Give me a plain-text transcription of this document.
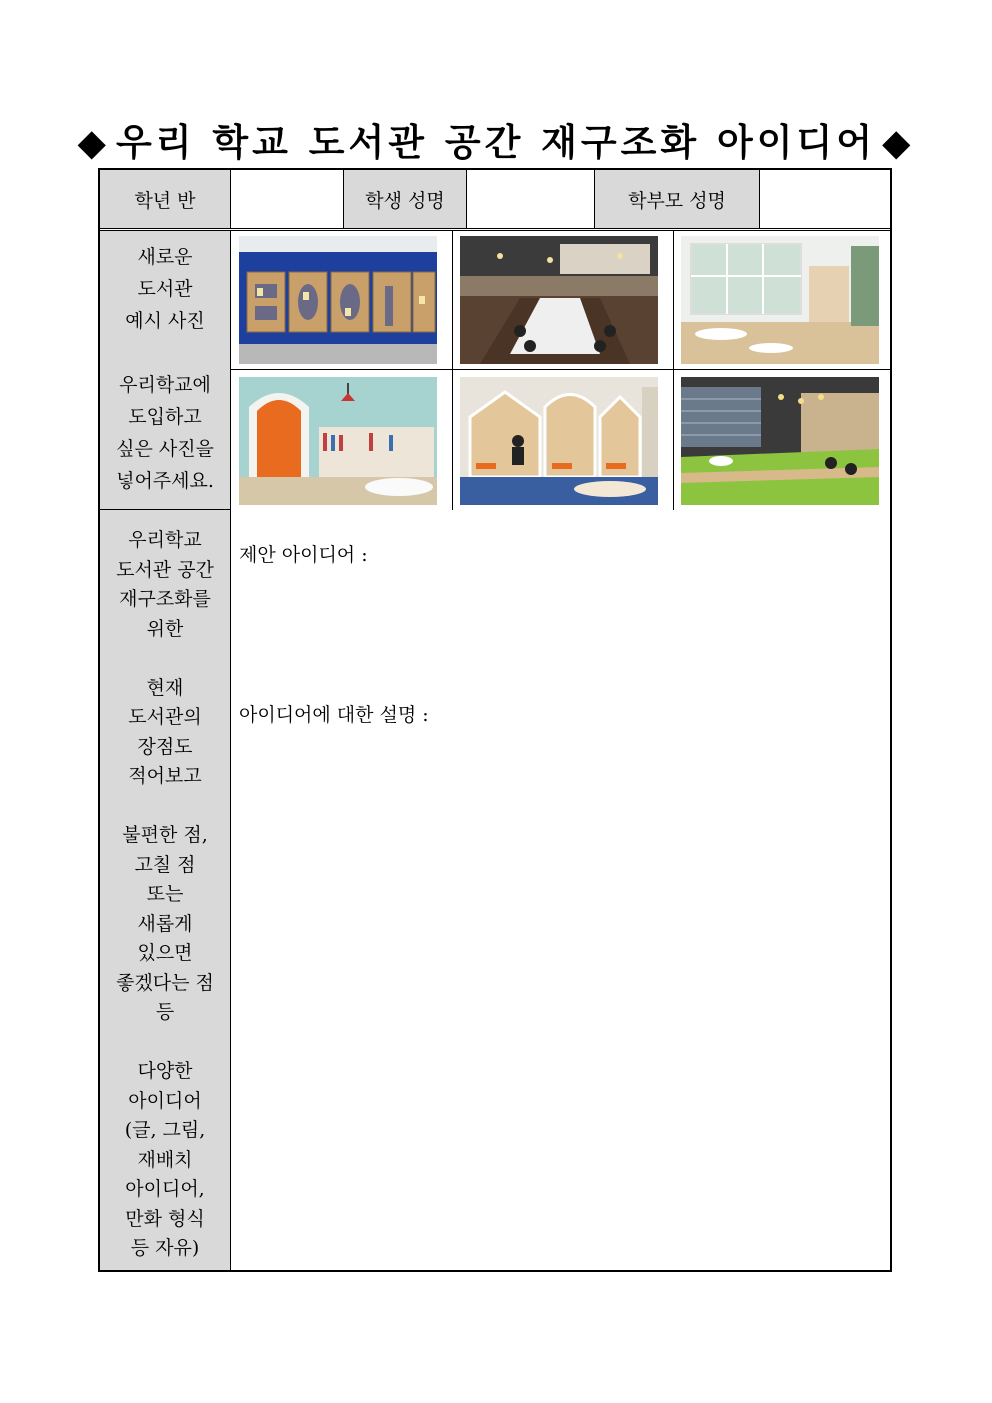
◆ 우리 학교 도서관 공간 재구조화 아이디어 ◆
학년 반	학생 성명	학부모 성명
새로운
도서관
예시 사진
우리학교에
도입하고
싶은 사진을
넣어주세요.
우리학교
도서관 공간
재구조화를
위한
현재
도서관의
장점도
적어보고
불편한 점,
고칠 점
또는
새롭게
있으면
좋겠다는 점
등
다양한
아이디어
(글, 그림,
재배치
아이디어,
만화 형식
등 자유)
제안 아이디어 :
아이디어에 대한 설명 :
